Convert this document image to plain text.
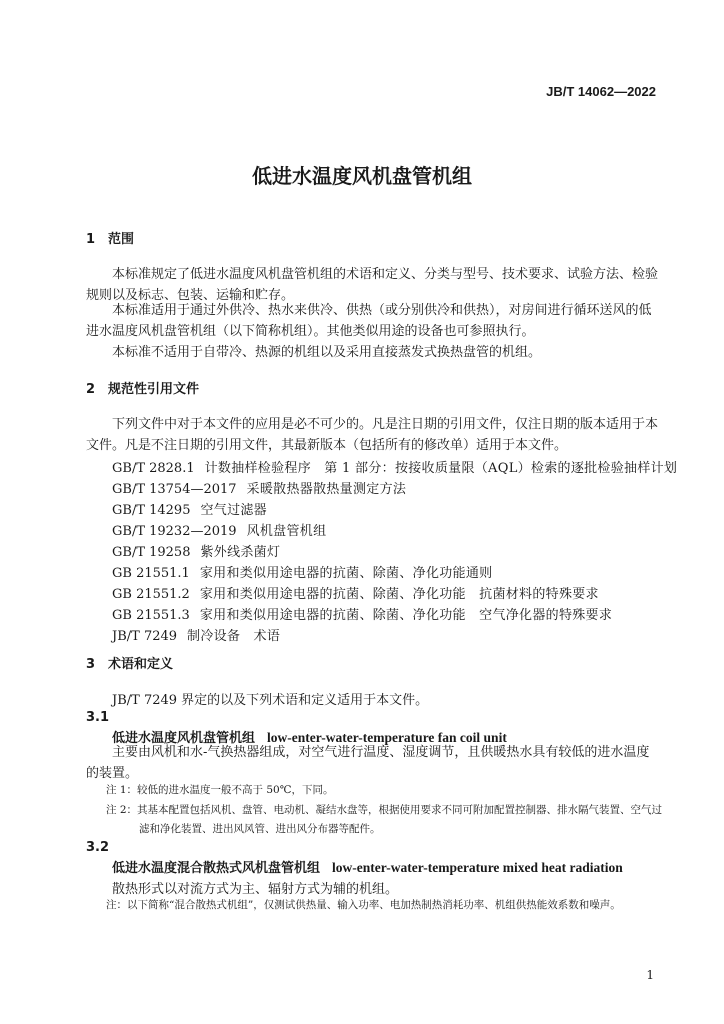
JB/T 14062—2022
低进水温度风机盘管机组
1 范围
本标准规定了低进水温度风机盘管机组的术语和定义、分类与型号、技术要求、试验方法、检验规则以及标志、包装、运输和贮存。
本标准适用于通过外供冷、热水来供冷、供热（或分别供冷和供热），对房间进行循环送风的低进水温度风机盘管机组（以下简称机组）。其他类似用途的设备也可参照执行。
本标准不适用于自带冷、热源的机组以及采用直接蒸发式换热盘管的机组。
2 规范性引用文件
下列文件中对于本文件的应用是必不可少的。凡是注日期的引用文件，仅注日期的版本适用于本文件。凡是不注日期的引用文件，其最新版本（包括所有的修改单）适用于本文件。
GB/T 2828.1 计数抽样检验程序　第 1 部分：按接收质量限（AQL）检索的逐批检验抽样计划
GB/T 13754—2017 采暖散热器散热量测定方法
GB/T 14295 空气过滤器
GB/T 19232—2019 风机盘管机组
GB/T 19258 紫外线杀菌灯
GB 21551.1 家用和类似用途电器的抗菌、除菌、净化功能通则
GB 21551.2 家用和类似用途电器的抗菌、除菌、净化功能　抗菌材料的特殊要求
GB 21551.3 家用和类似用途电器的抗菌、除菌、净化功能　空气净化器的特殊要求
JB/T 7249 制冷设备　术语
3 术语和定义
JB/T 7249 界定的以及下列术语和定义适用于本文件。
3.1
低进水温度风机盘管机组 low-enter-water-temperature fan coil unit
主要由风机和水-气换热器组成，对空气进行温度、湿度调节，且供暖热水具有较低的进水温度的装置。
注 1：较低的进水温度一般不高于 50℃，下同。
注 2：其基本配置包括风机、盘管、电动机、凝结水盘等，根据使用要求不同可附加配置控制器、排水隔气装置、空气过滤和净化装置、进出风风管、进出风分布器等配件。
3.2
低进水温度混合散热式风机盘管机组 low-enter-water-temperature mixed heat radiation
散热形式以对流方式为主、辐射方式为辅的机组。
注：以下简称“混合散热式机组”，仅测试供热量、输入功率、电加热制热消耗功率、机组供热能效系数和噪声。
1
